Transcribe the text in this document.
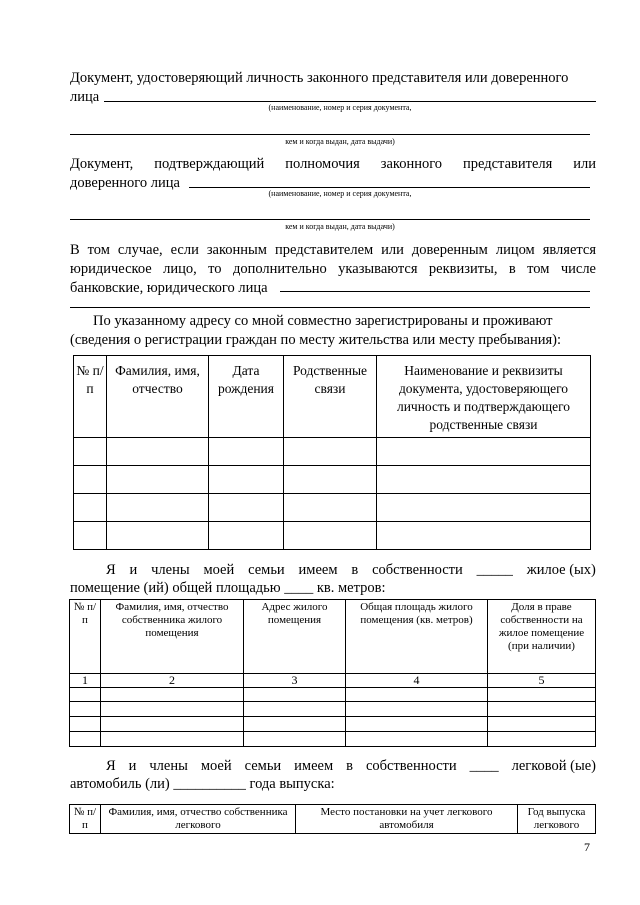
Документ, удостоверяющий личность законного представителя или доверенного
лица
(наименование, номер и серия документа,
кем и когда выдан, дата выдачи)
Документ, подтверждающий полномочия законного представителя или
доверенного лица
(наименование, номер и серия документа,
кем и когда выдан, дата выдачи)
В том случае, если законным представителем или доверенным лицом является
юридическое лицо, то дополнительно указываются реквизиты, в том числе
банковские, юридического лица
По указанному адресу со мной совместно зарегистрированы и проживают
(сведения о регистрации граждан по месту жительства или месту пребывания):
№ п/п	Фамилия, имя, отчество	Дата рождения	Родственные связи	Наименование и реквизиты документа, удостоверяющего личность и подтверждающего родственные связи

Я и члены моей семьи имеем в собственности _____ жилое (ых)
помещение (ий) общей площадью ____ кв. метров:
№ п/п	Фамилия, имя, отчество собственника жилого помещения	Адрес жилого помещения	Общая площадь жилого помещения (кв. метров)	Доля в праве собственности на жилое помещение (при наличии)
1	2	3	4	5

Я и члены моей семьи имеем в собственности ____ легковой (ые)
автомобиль (ли) __________ года выпуска:
№ п/п	Фамилия, имя, отчество собственника легкового	Место постановки на учет легкового автомобиля	Год выпуска легкового
7
